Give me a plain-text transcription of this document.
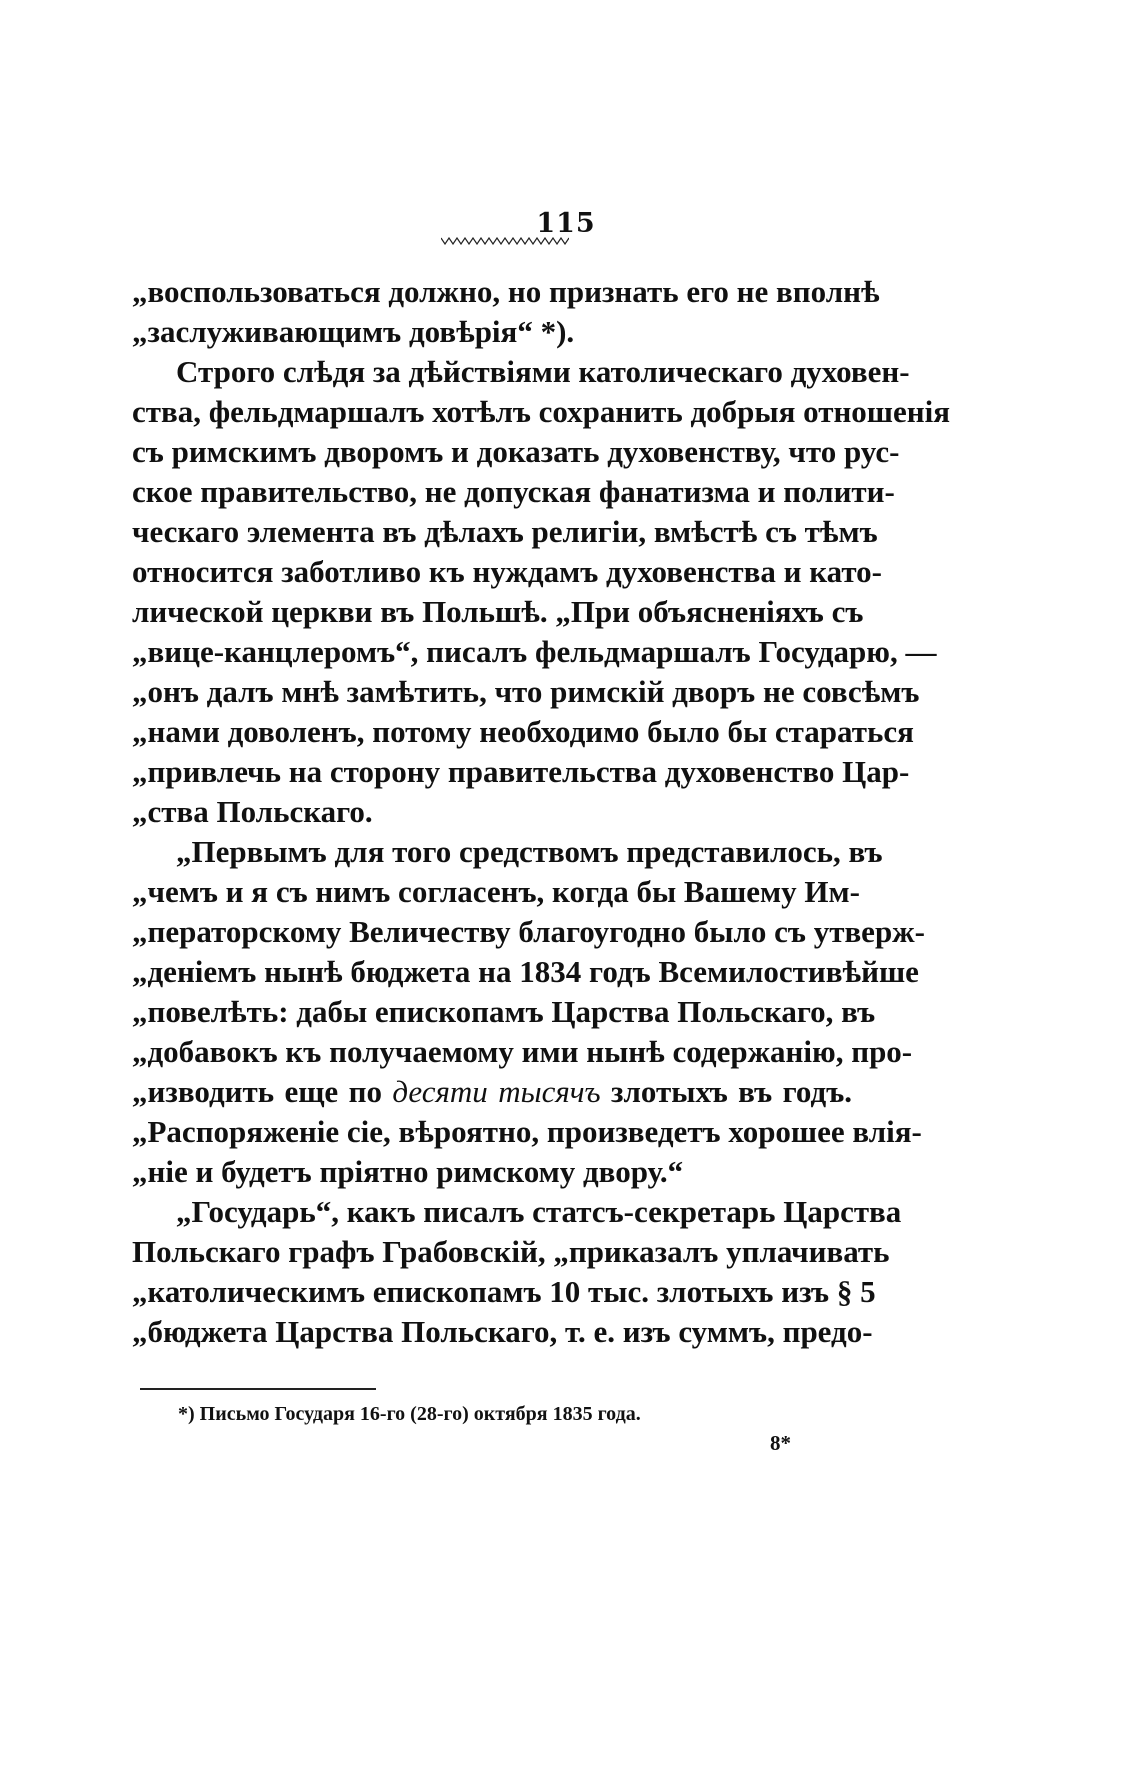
115
„воспользоваться должно, но признать его не вполнѣ
„заслуживающимъ довѣрія“ *).
Строго слѣдя за дѣйствіями католическаго духовен-
ства, фельдмаршалъ хотѣлъ сохранить добрыя отношенія
съ римскимъ дворомъ и доказать духовенству, что рус-
ское правительство, не допуская фанатизма и полити-
ческаго элемента въ дѣлахъ религіи, вмѣстѣ съ тѣмъ
относится заботливо къ нуждамъ духовенства и като-
лической церкви въ Польшѣ. „При объясненіяхъ съ
„вице-канцлеромъ“, писалъ фельдмаршалъ Государю, —
„онъ далъ мнѣ замѣтить, что римскій дворъ не совсѣмъ
„нами доволенъ, потому необходимо было бы стараться
„привлечь на сторону правительства духовенство Цар-
„ства Польскаго.
„Первымъ для того средствомъ представилось, въ
„чемъ и я съ нимъ согласенъ, когда бы Вашему Им-
„ператорскому Величеству благоугодно было съ утверж-
„деніемъ нынѣ бюджета на 1834 годъ Всемилостивѣйше
„повелѣть: дабы епископамъ Царства Польскаго, въ
„добавокъ къ получаемому ими нынѣ содержанію, про-
„изводить еще по десяти тысячъ злотыхъ въ годъ.
„Распоряженіе сіе, вѣроятно, произведетъ хорошее влія-
„ніе и будетъ пріятно римскому двору.“
„Государь“, какъ писалъ статсъ-секретарь Царства
Польскаго графъ Грабовскій, „приказалъ уплачивать
„католическимъ епископамъ 10 тыс. злотыхъ изъ § 5
„бюджета Царства Польскаго, т. е. изъ суммъ, предо-
*) Письмо Государя 16-го (28-го) октября 1835 года.
8*
